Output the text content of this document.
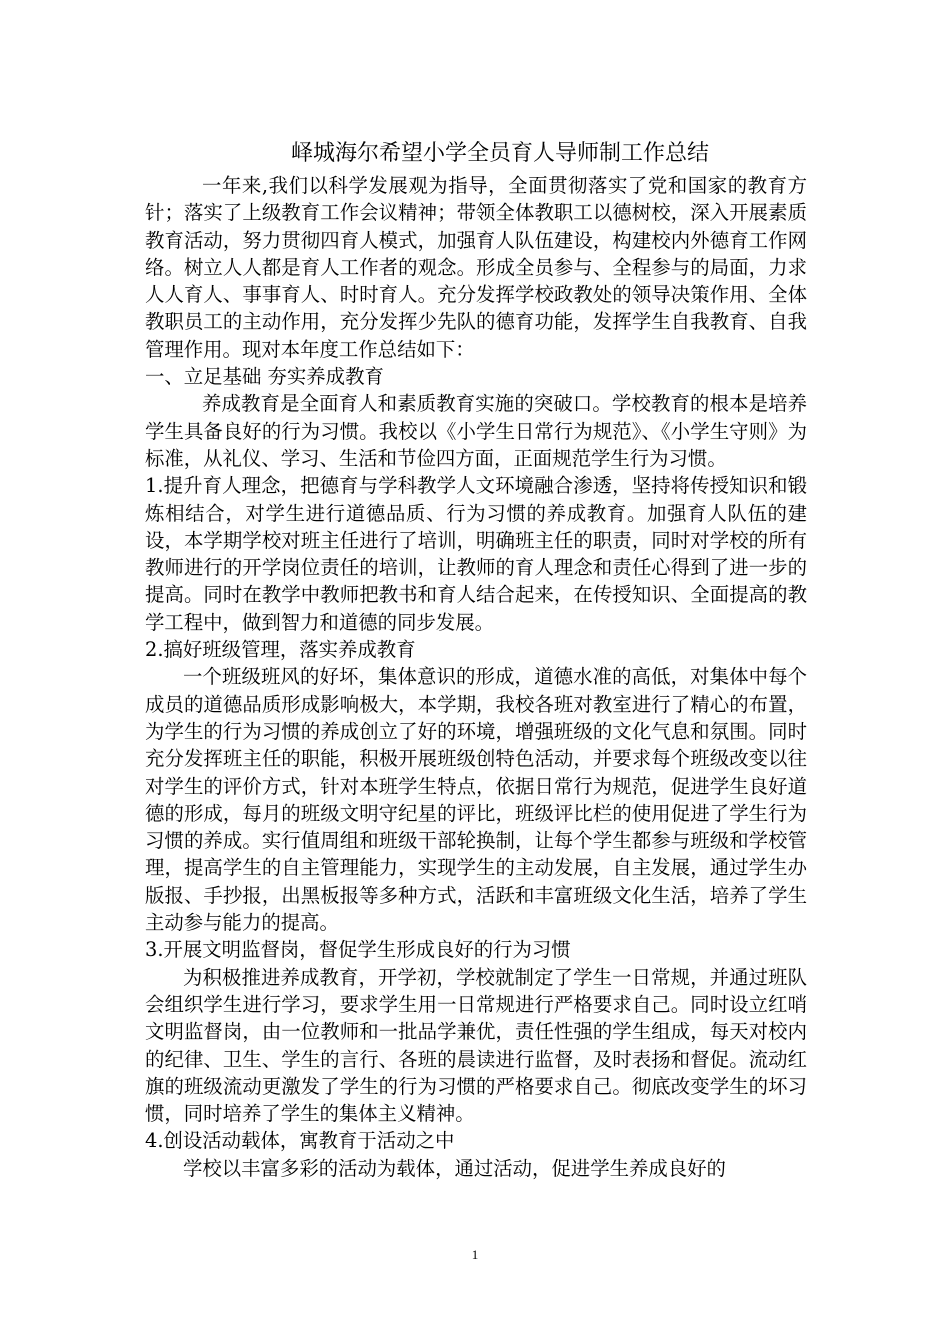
峄城海尔希望小学全员育人导师制工作总结

一年来,我们以科学发展观为指导，全面贯彻落实了党和国家的教育方针；落实了上级教育工作会议精神；带领全体教职工以德树校，深入开展素质教育活动，努力贯彻四育人模式，加强育人队伍建设，构建校内外德育工作网络。树立人人都是育人工作者的观念。形成全员参与、全程参与的局面，力求人人育人、事事育人、时时育人。充分发挥学校政教处的领导决策作用、全体教职员工的主动作用，充分发挥少先队的德育功能，发挥学生自我教育、自我管理作用。现对本年度工作总结如下：

一、立足基础 夯实养成教育

养成教育是全面育人和素质教育实施的突破口。学校教育的根本是培养学生具备良好的行为习惯。我校以《小学生日常行为规范》、《小学生守则》为标准，从礼仪、学习、生活和节俭四方面，正面规范学生行为习惯。

1.提升育人理念，把德育与学科教学人文环境融合渗透，坚持将传授知识和锻炼相结合，对学生进行道德品质、行为习惯的养成教育。加强育人队伍的建设，本学期学校对班主任进行了培训，明确班主任的职责，同时对学校的所有教师进行的开学岗位责任的培训，让教师的育人理念和责任心得到了进一步的提高。同时在教学中教师把教书和育人结合起来，在传授知识、全面提高的教学工程中，做到智力和道德的同步发展。

2.搞好班级管理，落实养成教育

一个班级班风的好坏，集体意识的形成，道德水准的高低，对集体中每个成员的道德品质形成影响极大，本学期，我校各班对教室进行了精心的布置，为学生的行为习惯的养成创立了好的环境，增强班级的文化气息和氛围。同时充分发挥班主任的职能，积极开展班级创特色活动，并要求每个班级改变以往对学生的评价方式，针对本班学生特点，依据日常行为规范，促进学生良好道德的形成，每月的班级文明守纪星的评比，班级评比栏的使用促进了学生行为习惯的养成。实行值周组和班级干部轮换制，让每个学生都参与班级和学校管理，提高学生的自主管理能力，实现学生的主动发展，自主发展，通过学生办版报、手抄报，出黑板报等多种方式，活跃和丰富班级文化生活，培养了学生主动参与能力的提高。

3.开展文明监督岗，督促学生形成良好的行为习惯

为积极推进养成教育，开学初，学校就制定了学生一日常规，并通过班队会组织学生进行学习，要求学生用一日常规进行严格要求自己。同时设立红哨文明监督岗，由一位教师和一批品学兼优，责任性强的学生组成，每天对校内的纪律、卫生、学生的言行、各班的晨读进行监督，及时表扬和督促。流动红旗的班级流动更激发了学生的行为习惯的严格要求自己。彻底改变学生的坏习惯，同时培养了学生的集体主义精神。

4.创设活动载体，寓教育于活动之中

学校以丰富多彩的活动为载体，通过活动，促进学生养成良好的

1
